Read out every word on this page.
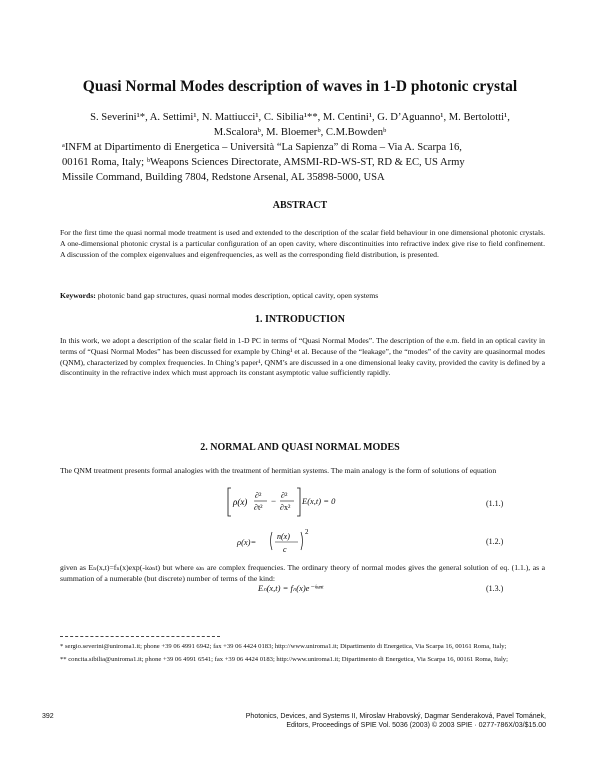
Quasi Normal Modes description of waves in 1-D photonic crystal
S. Severini¹*, A. Settimi¹, N. Mattiucci¹, C. Sibilia¹**, M. Centini¹, G. D’Aguanno¹, M. Bertolotti¹,
M.Scaloraᵇ, M. Bloemerᵇ, C.M.Bowdenᵇ
ᵃINFM at Dipartimento di Energetica – Università “La Sapienza” di Roma – Via A. Scarpa 16,
00161 Roma, Italy; ᵇWeapons Sciences Directorate, AMSMI-RD-WS-ST, RD & EC, US Army
Missile Command, Building 7804, Redstone Arsenal, AL 35898-5000, USA
ABSTRACT
For the first time the quasi normal mode treatment is used and extended to the description of the scalar field behaviour in one dimensional photonic crystals. A one-dimensional photonic crystal is a particular configuration of an open cavity, where discontinuities into refractive index give rise to field confinement. A discussion of the complex eigenvalues and eigenfrequencies, as well as the corresponding field distribution, is presented.
Keywords: photonic band gap structures, quasi normal modes description, optical cavity, open systems
1. INTRODUCTION
In this work, we adopt a description of the scalar field in 1-D PC in terms of “Quasi Normal Modes”. The description of the e.m. field in an optical cavity in terms of “Quasi Normal Modes” has been discussed for example by Ching¹ et al. Because of the “leakage”, the “modes” of the cavity are quasinormal modes (QNM), characterized by complex frequencies. In Ching’s paper¹, QNM’s are discussed in a one dimensional leaky cavity, provided the cavity is defined by a discontinuity in the refractive index which must approach its constant asymptotic value sufficiently rapidly.
2. NORMAL AND QUASI NORMAL MODES
The QNM treatment presents formal analogies with the treatment of hermitian systems. The main analogy is the form of solutions of equation
ρ(x)
∂²
∂t²
−
∂²
∂x²
E(x,t) = 0	(1.1.)
ρ(x)=
n(x)
c
2
(1.2.)
given as Eₙ(x,t)=fₙ(x)exp(-iωₙt) but where ωₙ are complex frequencies. The ordinary theory of normal modes gives the general solution of eq. (1.1.), as a summation of a numerable (but discrete) number of terms of the kind:
Eₙ(x,t) = fₙ(x)e⁻ⁱᵚⁿᵗ	(1.3.)

* sergio.severini@uniroma1.it; phone +39 06 4991 6942; fax +39 06 4424 0183; http://www.uniroma1.it; Dipartimento di Energetica, Via Scarpa 16, 00161 Roma, Italy;

** concita.sibilia@uniroma1.it; phone +39 06 4991 6541; fax +39 06 4424 0183; http://www.uniroma1.it; Dipartimento di Energetica, Via Scarpa 16, 00161 Roma, Italy;

392	Photonics, Devices, and Systems II, Miroslav Hrabovský, Dagmar Senderaková, Pavel Tománek,
Editors, Proceedings of SPIE Vol. 5036 (2003) © 2003 SPIE · 0277-786X/03/$15.00
